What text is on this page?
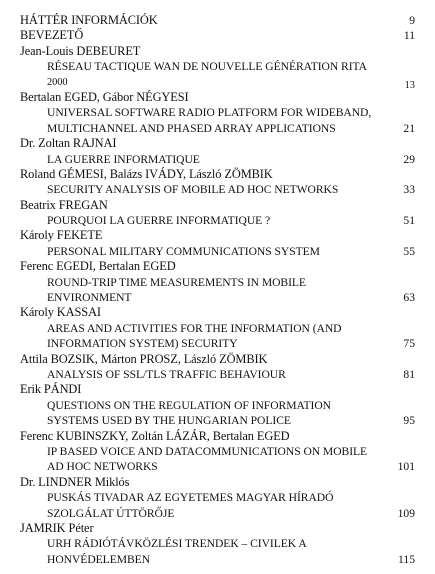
HÁTTÉR INFORMÁCIÓK	9
BEVEZETŐ	11
Jean-Louis DEBEURET
RÉSEAU TACTIQUE WAN DE NOUVELLE GÉNÉRATION RITA
2000	13
Bertalan EGED, Gábor NÉGYESI
UNIVERSAL SOFTWARE RADIO PLATFORM FOR WIDEBAND,
MULTICHANNEL AND PHASED ARRAY APPLICATIONS	21
Dr. Zoltan RAJNAI
LA GUERRE INFORMATIQUE	29
Roland GÉMESI, Balázs IVÁDY, László ZÖMBIK
SECURITY ANALYSIS OF MOBILE AD HOC NETWORKS	33
Beatrix FREGAN
POURQUOI LA GUERRE INFORMATIQUE ?	51
Károly FEKETE
PERSONAL MILITARY COMMUNICATIONS SYSTEM	55
Ferenc EGEDI, Bertalan EGED
ROUND-TRIP TIME MEASUREMENTS IN MOBILE
ENVIRONMENT	63
Károly KASSAI
AREAS AND ACTIVITIES FOR THE INFORMATION (AND
INFORMATION SYSTEM) SECURITY	75
Attila BOZSIK, Márton PROSZ, László ZÖMBIK
ANALYSIS OF SSL/TLS TRAFFIC BEHAVIOUR	81
Erik PÁNDI
QUESTIONS ON THE REGULATION OF INFORMATION
SYSTEMS USED BY THE HUNGARIAN POLICE	95
Ferenc KUBINSZKY, Zoltán LÁZÁR, Bertalan EGED
IP BASED VOICE AND DATACOMMUNICATIONS ON MOBILE
AD HOC NETWORKS	101
Dr. LINDNER Miklós
PUSKÁS TIVADAR AZ EGYETEMES MAGYAR HÍRADÓ
SZOLGÁLAT ÚTTÖRŐJE	109
JAMRIK Péter
URH RÁDIÓTÁVKÖZLÉSI TRENDEK – CIVILEK A
HONVÉDELEMBEN	115
